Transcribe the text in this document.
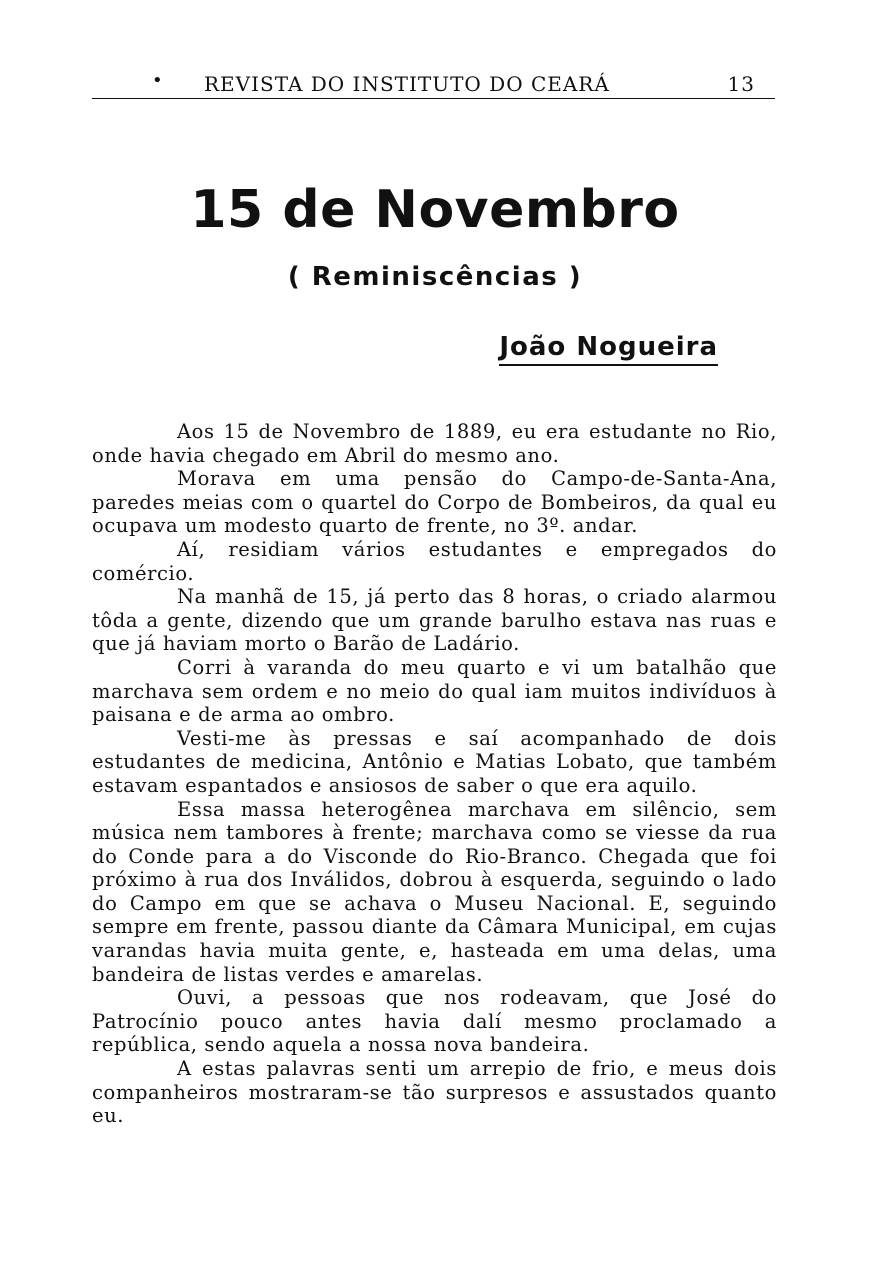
• REVISTA DO INSTITUTO DO CEARÁ	13
15 de Novembro
( Reminiscências )
João Nogueira

Aos 15 de Novembro de 1889, eu era estudante no Rio, onde havia chegado em Abril do mesmo ano.

Morava em uma pensão do Campo-de-Santa-Ana, paredes meias com o quartel do Corpo de Bombeiros, da qual eu ocupava um modesto quarto de frente, no 3º. andar.

Aí, residiam vários estudantes e empregados do comércio.

Na manhã de 15, já perto das 8 horas, o criado alarmou tôda a gente, dizendo que um grande barulho estava nas ruas e que já haviam morto o Barão de Ladário.

Corri à varanda do meu quarto e vi um batalhão que marchava sem ordem e no meio do qual iam muitos indivíduos à paisana e de arma ao ombro.

Vesti-me às pressas e saí acompanhado de dois estudantes de medicina, Antônio e Matias Lobato, que também estavam espantados e ansiosos de saber o que era aquilo.

Essa massa heterogênea marchava em silêncio, sem música nem tambores à frente; marchava como se viesse da rua do Conde para a do Visconde do Rio-Branco. Chegada que foi próximo à rua dos Inválidos, dobrou à esquerda, seguindo o lado do Campo em que se achava o Museu Nacional. E, seguindo sempre em frente, passou diante da Câmara Municipal, em cujas varandas havia muita gente, e, hasteada em uma delas, uma bandeira de listas verdes e amarelas.

Ouvi, a pessoas que nos rodeavam, que José do Patrocínio pouco antes havia dalí mesmo proclamado a república, sendo aquela a nossa nova bandeira.

A estas palavras senti um arrepio de frio, e meus dois companheiros mostraram-se tão surpresos e assustados quanto eu.
